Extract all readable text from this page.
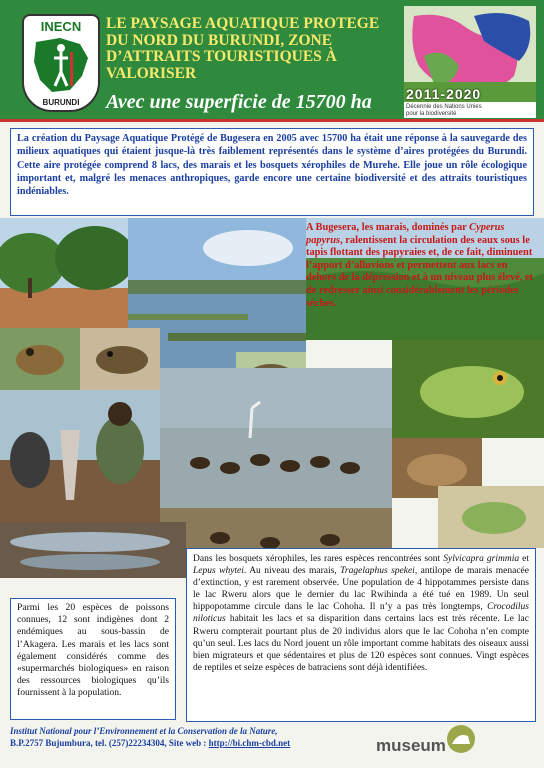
INECN
BURUNDI
LE PAYSAGE AQUATIQUE PROTEGE DU NORD DU BURUNDI, ZONE D’ATTRAITS TOURISTIQUES À VALORISER
Avec une superficie de 15700 ha 2011-2020
Décennie des Nations Unies
pour la biodiversité
La création du Paysage Aquatique Protégé de Bugesera en 2005 avec 15700 ha était une réponse à la sauvegarde des milieux aquatiques qui étaient jusque-là très faiblement représentés dans le système d’aires protégées du Burundi. Cette aire protégée comprend 8 lacs, des marais et les bosquets xérophiles de Murehe. Elle joue un rôle écologique important et, malgré les menaces anthropiques, garde encore une certaine biodiversité et des attraits touristiques indéniables.
A Bugesera, les marais, dominés par Cyperus papyrus, ralentissent la circulation des eaux sous le tapis flottant des papyraies et, de ce fait, diminuent l’apport d’alluvions et permettent aux lacs en dehors de la dépression et à un niveau plus élevé, et de redresser ainsi considérablement les périodes sèches.
Parmi les 20 espèces de poissons connues, 12 sont indigènes dont 2 endémiques au sous-bassin de l’Akagera. Les marais et les lacs sont également considérés comme des «supermarchés biologiques» en raison des ressources biologiques qu’ils fournissent à la population.
Dans les bosquets xérophiles, les rares espèces rencontrées sont Sylvicapra grimmia et Lepus whytei. Au niveau des marais, Tragelaphus spekei, antilope de marais menacée d’extinction, y est rarement observée. Une population de 4 hippotammes persiste dans le lac Rweru alors que le dernier du lac Rwihinda a été tué en 1989. Un seul hippopotamme circule dans le lac Cohoha. Il n’y a pas très longtemps, Crocodilus niloticus habitait les lacs et sa disparition dans certains lacs est très récente. Le lac Rweru compterait pourtant plus de 20 individus alors que le lac Cohoha n’en compte qu’un seul. Les lacs du Nord jouent un rôle important comme habitats des oiseaux aussi bien migrateurs et que sédentaires et plus de 120 espèces sont connues. Vingt espèces de reptiles et seize espèces de batraciens sont déjà identifiées.
Institut National pour l’Environnement et la Conservation de la Nature,
B.P.2757 Bujumbura, tel. (257)22234304, Site web : http://bi.chm-cbd.net	museum
